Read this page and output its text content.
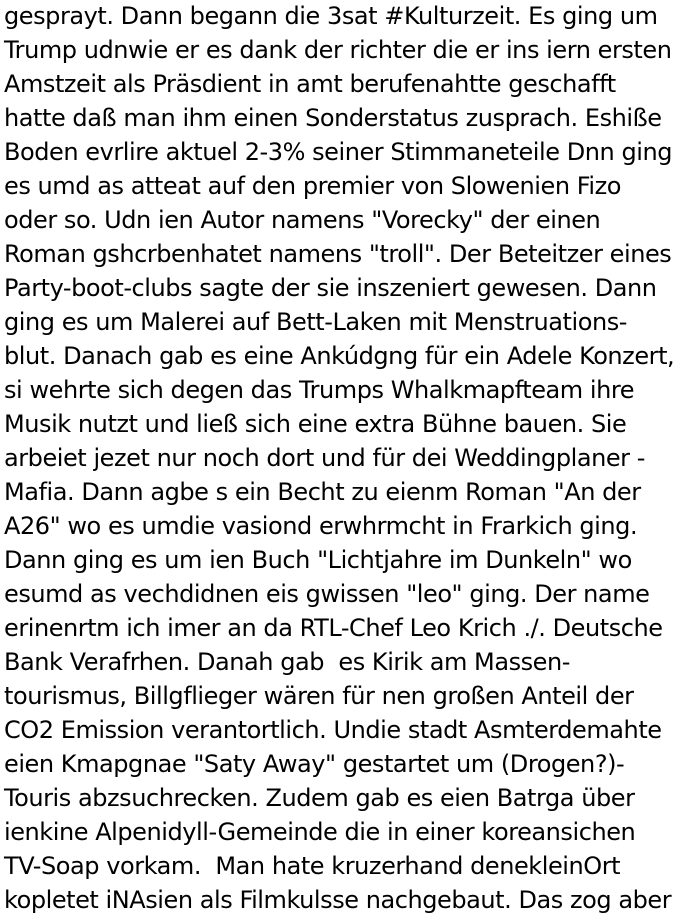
gesprayt. Dann begann die 3sat #Kulturzeit. Es ging um
Trump udnwie er es dank der richter die er ins iern ersten
Amstzeit als Präsdient in amt berufenahtte geschafft
hatte daß man ihm einen Sonderstatus zusprach. Eshiße
Boden evrlire aktuel 2-3% seiner Stimmaneteile Dnn ging
es umd as atteat auf den premier von Slowenien Fizo
oder so. Udn ien Autor namens "Vorecky" der einen
Roman gshcrbenhatet namens "troll". Der Beteitzer eines
Party-boot-clubs sagte der sie inszeniert gewesen. Dann
ging es um Malerei auf Bett-Laken mit Menstruations-
blut. Danach gab es eine Ankúdgng für ein Adele Konzert,
si wehrte sich degen das Trumps Whalkmapfteam ihre
Musik nutzt und ließ sich eine extra Bühne bauen. Sie
arbeiet jezet nur noch dort und für dei Weddingplaner -
Mafia. Dann agbe s ein Becht zu eienm Roman "An der
A26" wo es umdie vasiond erwhrmcht in Frarkich ging.
Dann ging es um ien Buch "Lichtjahre im Dunkeln" wo
esumd as vechdidnen eis gwissen "leo" ging. Der name
erinenrtm ich imer an da RTL-Chef Leo Krich ./. Deutsche
Bank Verafrhen. Danah gab  es Kirik am Massen-
tourismus, Billgflieger wären für nen großen Anteil der
CO2 Emission verantortlich. Undie stadt Asmterdemahte
eien Kmapgnae "Saty Away" gestartet um (Drogen?)-
Touris abzsuchrecken. Zudem gab es eien Batrga über
ienkine Alpenidyll-Gemeinde die in einer koreansichen
TV-Soap vorkam.  Man hate kruzerhand denekleinOrt
kopletet iNAsien als Filmkulsse nachgebaut. Das zog aber
